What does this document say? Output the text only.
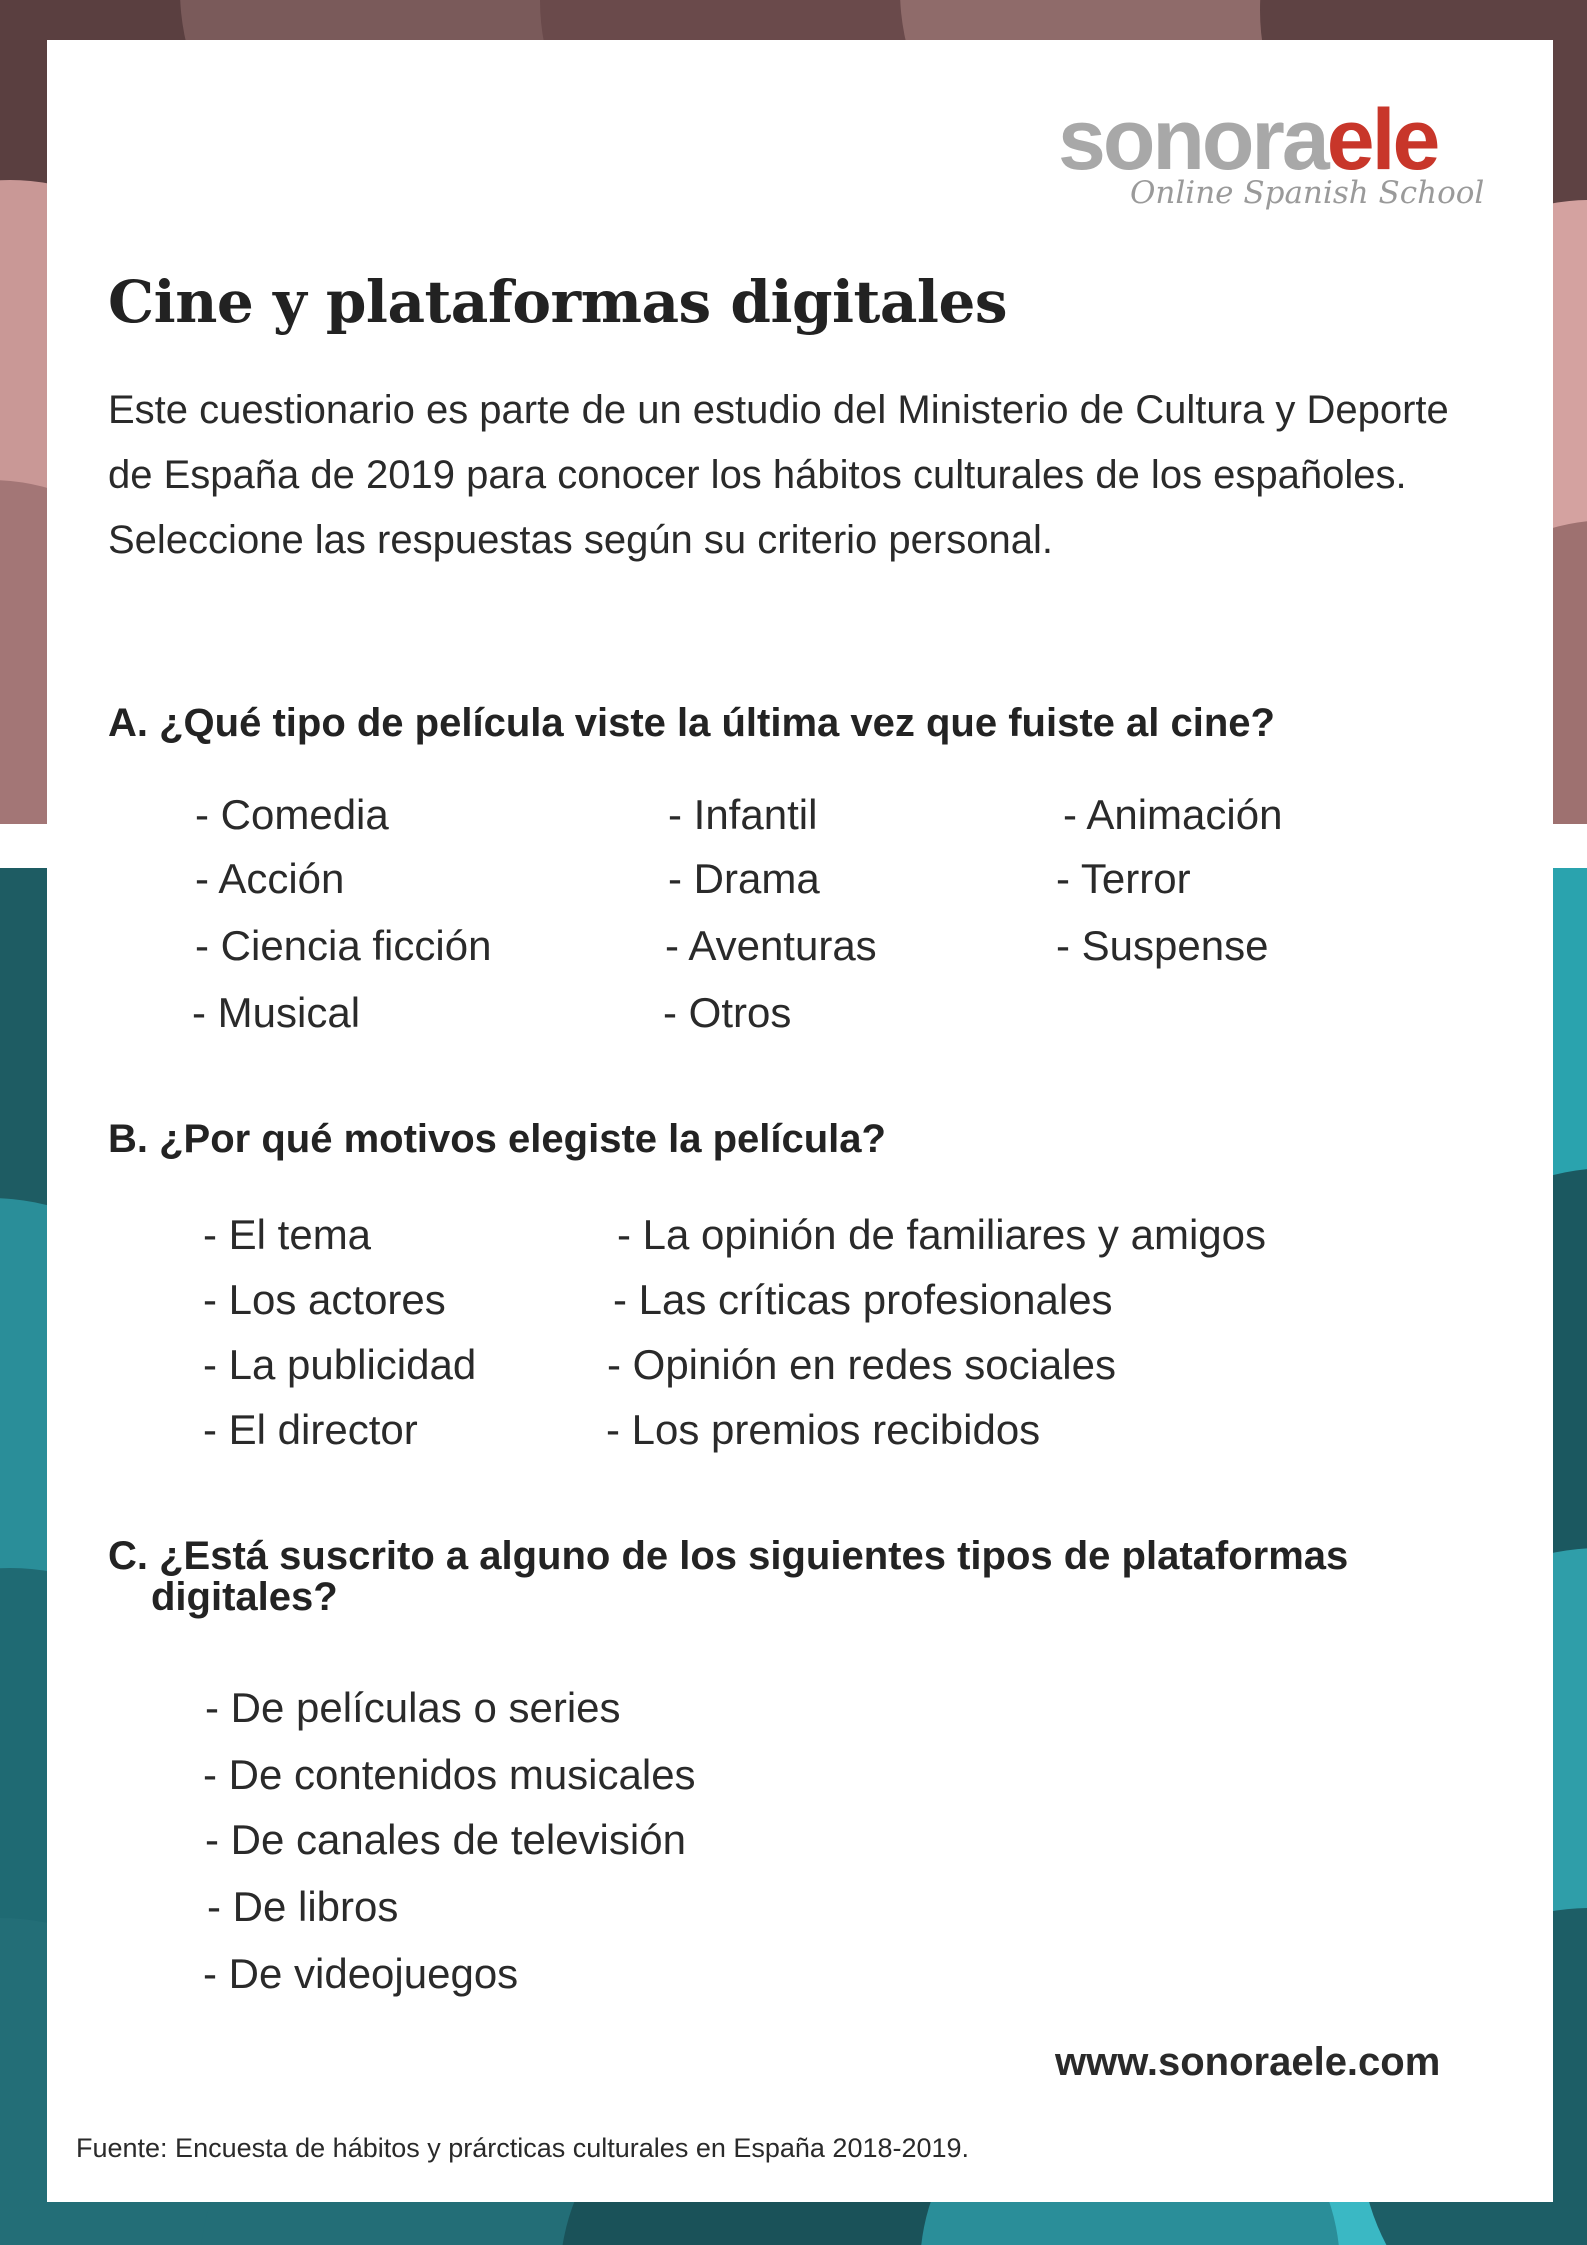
sonoraele
Online Spanish School
Cine y plataformas digitales

Este cuestionario es parte de un estudio del Ministerio de Cultura y Deporte de España de 2019 para conocer los hábitos culturales de los españoles.

Seleccione las respuestas según su criterio personal.

A. ¿Qué tipo de película viste la última vez que fuiste al cine?
- Comedia	- Infantil	- Animación
- Acción	- Drama	- Terror
- Ciencia ficción	- Aventuras	- Suspense
- Musical	- Otros
B. ¿Por qué motivos elegiste la película?
- El tema	- La opinión de familiares y amigos
- Los actores	- Las críticas profesionales
- La publicidad	- Opinión en redes sociales
- El director	- Los premios recibidos
C. ¿Está suscrito a alguno de los siguientes tipos de plataformas
digitales?
- De películas o series
- De contenidos musicales
- De canales de televisión
- De libros
- De videojuegos
www.sonoraele.com
Fuente: Encuesta de hábitos y prárcticas culturales en España 2018-2019.
